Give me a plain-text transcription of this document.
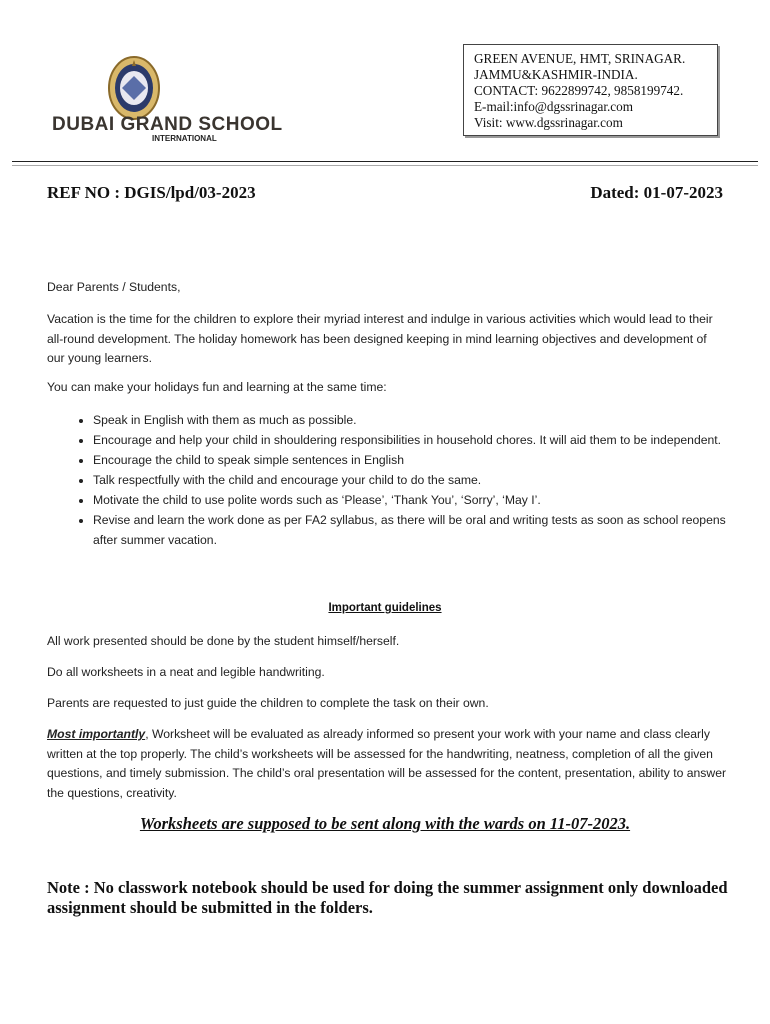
DUBAI GRAND SCHOOL
INTERNATIONAL
GREEN AVENUE, HMT, SRINAGAR.
JAMMU&KASHMIR-INDIA.
CONTACT: 9622899742, 9858199742.
E-mail:info@dgssrinagar.com
Visit: www.dgssrinagar.com
REF NO : DGIS/lpd/03-2023	Dated: 01-07-2023
Dear Parents / Students,
Vacation is the time for the children to explore their myriad interest and indulge in various activities which would lead to their all-round development. The holiday homework has been designed keeping in mind learning objectives and development of our young learners.
You can make your holidays fun and learning at the same time:
• Speak in English with them as much as possible.
• Encourage and help your child in shouldering responsibilities in household chores. It will aid them to be independent.
• Encourage the child to speak simple sentences in English
• Talk respectfully with the child and encourage your child to do the same.
• Motivate the child to use polite words such as ‘Please’, ‘Thank You’, ‘Sorry’, ‘May I’.
• Revise and learn the work done as per FA2 syllabus, as there will be oral and writing tests as soon as school reopens after summer vacation.
Important guidelines
All work presented should be done by the student himself/herself.
Do all worksheets in a neat and legible handwriting.
Parents are requested to just guide the children to complete the task on their own.
Most importantly, Worksheet will be evaluated as already informed so present your work with your name and class clearly written at the top properly. The child’s worksheets will be assessed for the handwriting, neatness, completion of all the given questions, and timely submission. The child’s oral presentation will be assessed for the content, presentation, ability to answer the questions, creativity.
Worksheets are supposed to be sent along with the wards on 11-07-2023.
Note : No classwork notebook should be used for doing the summer assignment only downloaded assignment should be submitted in the folders.
